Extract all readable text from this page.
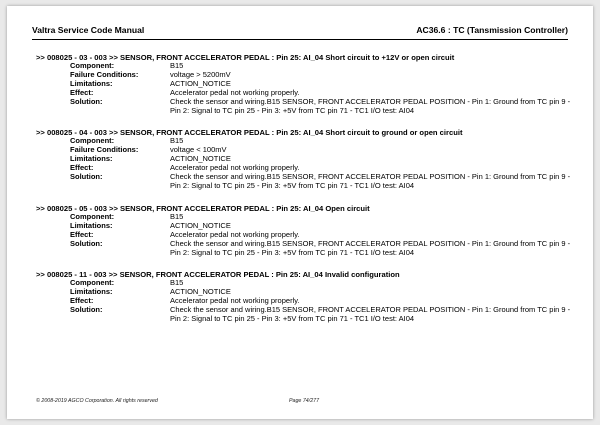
Valtra Service Code Manual	AC36.6 : TC (Tansmission Controller)
>> 008025 - 03 - 003 >> SENSOR, FRONT ACCELERATOR PEDAL : Pin 25: AI_04 Short circuit to +12V or open circuit
Component:	B15
Failure Conditions:	voltage > 5200mV
Limitations:	ACTION_NOTICE
Effect:	Accelerator pedal not working properly.
Solution:	Check the sensor and wiring.B15 SENSOR, FRONT ACCELERATOR PEDAL POSITION - Pin 1: Ground from TC pin 9 - Pin 2: Signal to TC pin 25 - Pin 3: +5V from TC pin 71 - TC1 I/O test: AI04
>> 008025 - 04 - 003 >> SENSOR, FRONT ACCELERATOR PEDAL : Pin 25: AI_04 Short circuit to ground or open circuit
Component:	B15
Failure Conditions:	voltage < 100mV
Limitations:	ACTION_NOTICE
Effect:	Accelerator pedal not working properly.
Solution:	Check the sensor and wiring.B15 SENSOR, FRONT ACCELERATOR PEDAL POSITION - Pin 1: Ground from TC pin 9 - Pin 2: Signal to TC pin 25 - Pin 3: +5V from TC pin 71 - TC1 I/O test: AI04
>> 008025 - 05 - 003 >> SENSOR, FRONT ACCELERATOR PEDAL : Pin 25: AI_04 Open circuit
Component:	B15
Limitations:	ACTION_NOTICE
Effect:	Accelerator pedal not working properly.
Solution:	Check the sensor and wiring.B15 SENSOR, FRONT ACCELERATOR PEDAL POSITION - Pin 1: Ground from TC pin 9 - Pin 2: Signal to TC pin 25 - Pin 3: +5V from TC pin 71 - TC1 I/O test: AI04
>> 008025 - 11 - 003 >> SENSOR, FRONT ACCELERATOR PEDAL : Pin 25: AI_04 Invalid configuration
Component:	B15
Limitations:	ACTION_NOTICE
Effect:	Accelerator pedal not working properly.
Solution:	Check the sensor and wiring.B15 SENSOR, FRONT ACCELERATOR PEDAL POSITION - Pin 1: Ground from TC pin 9 - Pin 2: Signal to TC pin 25 - Pin 3: +5V from TC pin 71 - TC1 I/O test: AI04
© 2008-2019 AGCO Corporation. All rights reserved	Page 74/277
